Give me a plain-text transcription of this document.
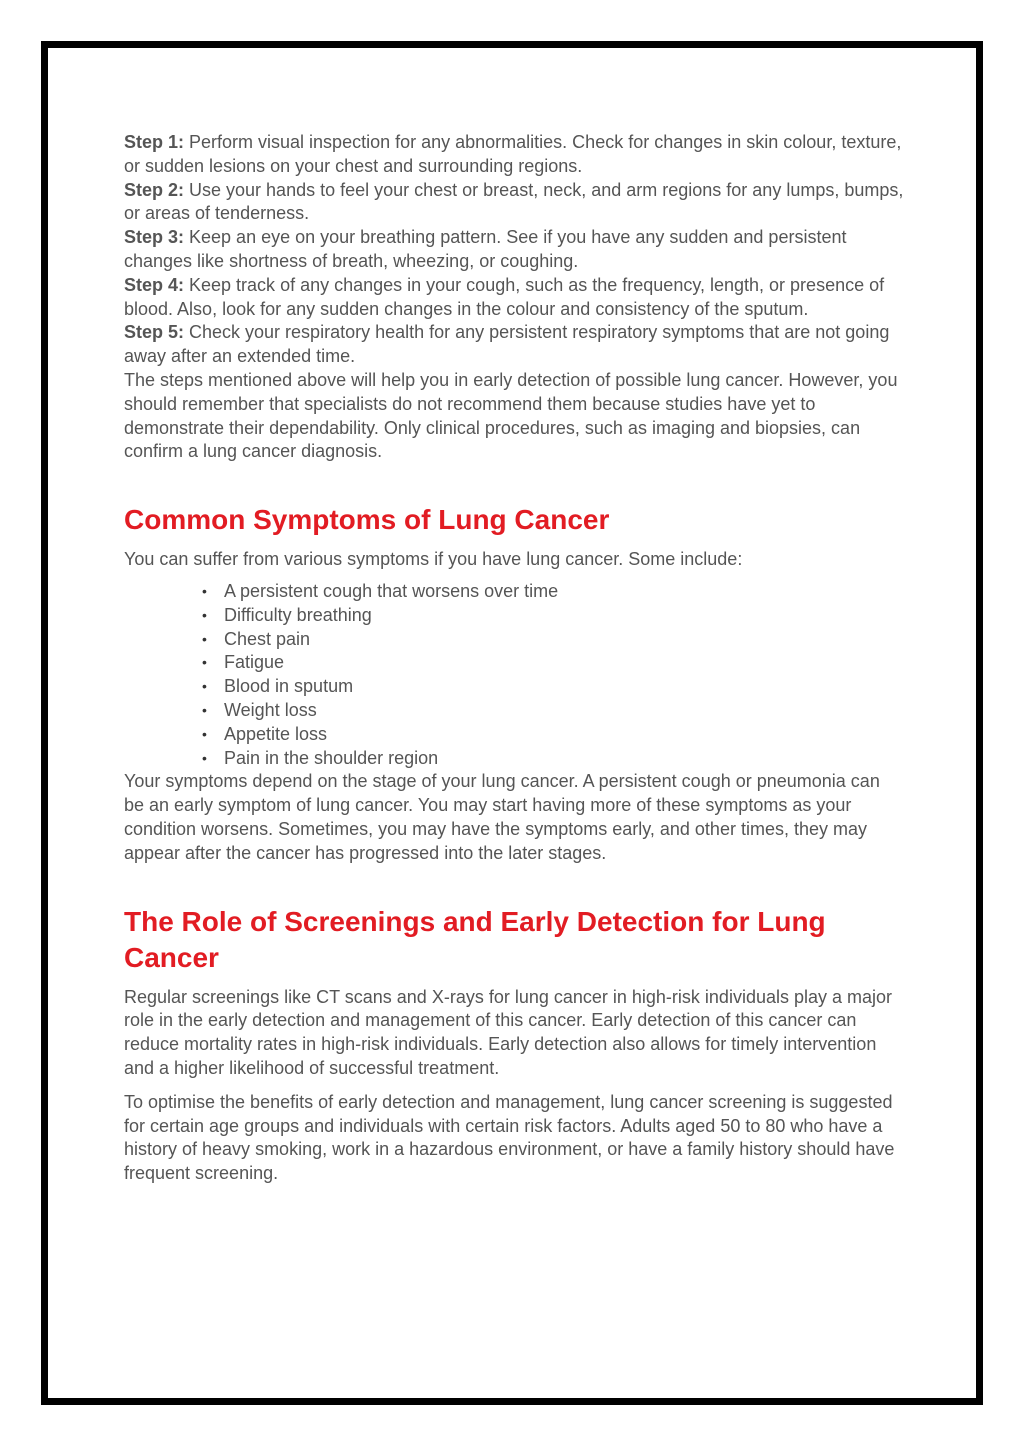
Step 1: Perform visual inspection for any abnormalities. Check for changes in skin colour, texture, or sudden lesions on your chest and surrounding regions.

Step 2: Use your hands to feel your chest or breast, neck, and arm regions for any lumps, bumps, or areas of tenderness.

Step 3: Keep an eye on your breathing pattern. See if you have any sudden and persistent changes like shortness of breath, wheezing, or coughing.

Step 4: Keep track of any changes in your cough, such as the frequency, length, or presence of blood. Also, look for any sudden changes in the colour and consistency of the sputum.

Step 5: Check your respiratory health for any persistent respiratory symptoms that are not going away after an extended time.

The steps mentioned above will help you in early detection of possible lung cancer. However, you should remember that specialists do not recommend them because studies have yet to demonstrate their dependability. Only clinical procedures, such as imaging and biopsies, can confirm a lung cancer diagnosis.

Common Symptoms of Lung Cancer

You can suffer from various symptoms if you have lung cancer. Some include:

• A persistent cough that worsens over time
• Difficulty breathing
• Chest pain
• Fatigue
• Blood in sputum
• Weight loss
• Appetite loss
• Pain in the shoulder region

Your symptoms depend on the stage of your lung cancer. A persistent cough or pneumonia can be an early symptom of lung cancer. You may start having more of these symptoms as your condition worsens. Sometimes, you may have the symptoms early, and other times, they may appear after the cancer has progressed into the later stages.

The Role of Screenings and Early Detection for Lung Cancer

Regular screenings like CT scans and X-rays for lung cancer in high-risk individuals play a major role in the early detection and management of this cancer. Early detection of this cancer can reduce mortality rates in high-risk individuals. Early detection also allows for timely intervention and a higher likelihood of successful treatment.

To optimise the benefits of early detection and management, lung cancer screening is suggested for certain age groups and individuals with certain risk factors. Adults aged 50 to 80 who have a history of heavy smoking, work in a hazardous environment, or have a family history should have frequent screening.
